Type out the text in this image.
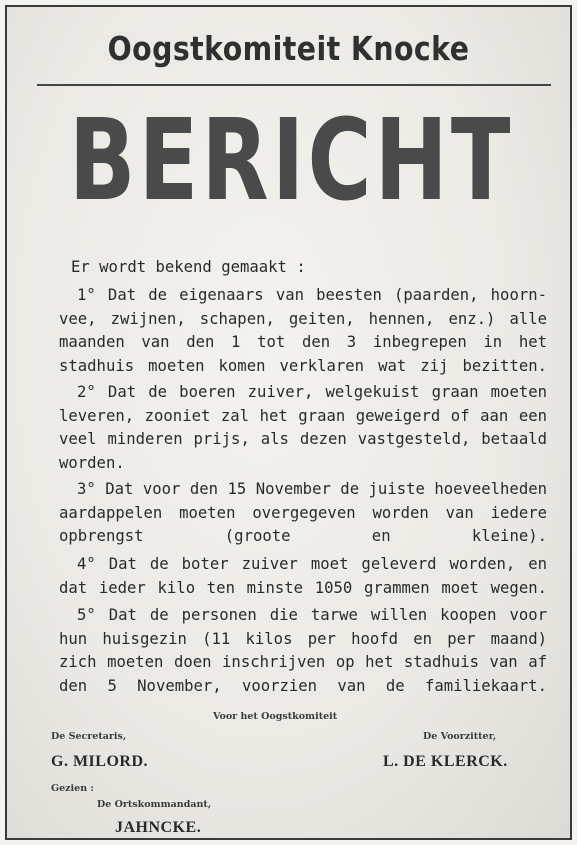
Oogstkomiteit Knocke
BERICHT

Er wordt bekend gemaakt :

1° Dat de eigenaars van beesten (paarden, hoorn-vee, zwijnen, schapen, geiten, hennen, enz.) alle maanden van den 1 tot den 3 inbegrepen in het stadhuis moeten komen verklaren wat zij bezitten.

2° Dat de boeren zuiver, welgekuist graan moeten leveren, zooniet zal het graan geweigerd of aan een veel minderen prijs, als dezen vastgesteld, betaald worden.

3° Dat voor den 15 November de juiste hoeveelheden aardappelen moeten overgegeven worden van iedere opbrengst (groote en kleine).

4° Dat de boter zuiver moet geleverd worden, en dat ieder kilo ten minste 1050 grammen moet wegen.

5° Dat de personen die tarwe willen koopen voor hun huisgezin (11 kilos per hoofd en per maand) zich moeten doen inschrijven op het stadhuis van af den 5 November, voorzien van de familiekaart.

Voor het Oogstkomiteit
De Secretaris,	De Voorzitter,
G. MILORD.	L. DE KLERCK.
Gezien :
De Ortskommandant,
JAHNCKE.
